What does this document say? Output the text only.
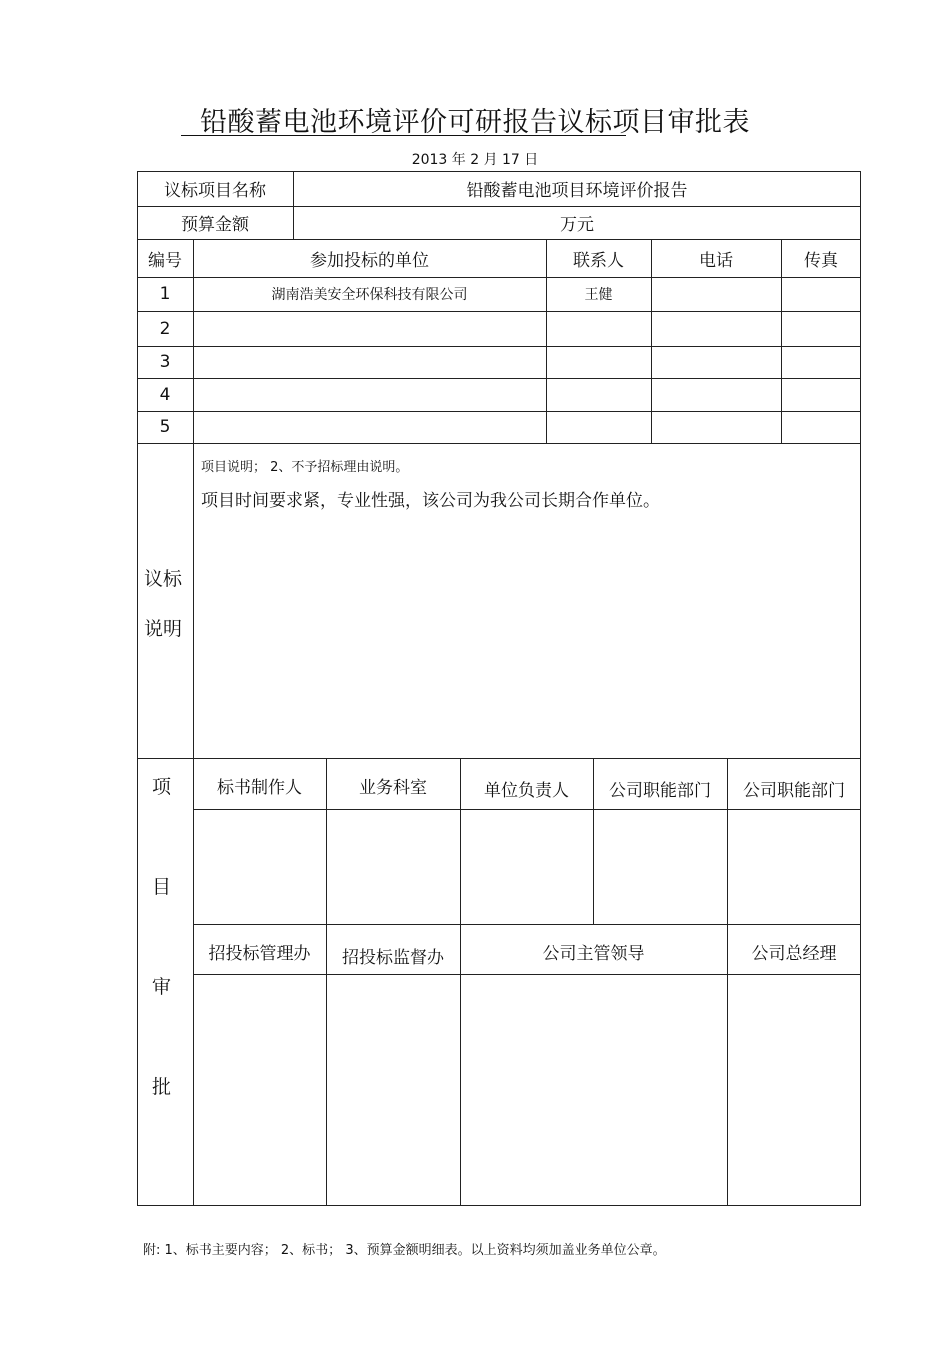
铅酸蓄电池环境评价可研报告议标项目审批表
2013 年 2 月 17 日
议标项目名称	铅酸蓄电池项目环境评价报告
预算金额	万元
编号	参加投标的单位	联系人	电话	传真
1	湖南浩美安全环保科技有限公司	王健
2
3
4
5
议标
说明
项目说明； 2、不予招标理由说明。
项目时间要求紧，专业性强，该公司为我公司长期合作单位。
项
目
审
批
标书制作人	业务科室	单位负责人	公司职能部门	公司职能部门
招投标管理办	招投标监督办	公司主管领导	公司总经理
附: 1、标书主要内容； 2、标书； 3、预算金额明细表。以上资料均须加盖业务单位公章。
